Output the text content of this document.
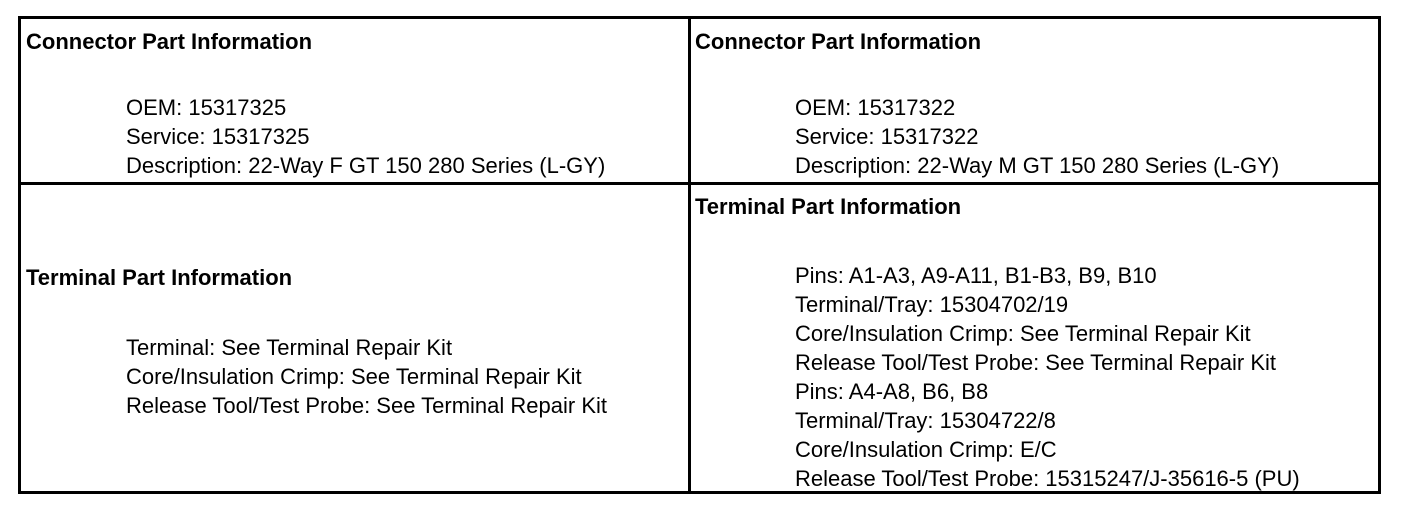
Connector Part Information
OEM: 15317325
Service: 15317325
Description: 22-Way F GT 150 280 Series (L-GY)
Connector Part Information
OEM: 15317322
Service: 15317322
Description: 22-Way M GT 150 280 Series (L-GY)
Terminal Part Information
Terminal: See Terminal Repair Kit
Core/Insulation Crimp: See Terminal Repair Kit
Release Tool/Test Probe: See Terminal Repair Kit
Terminal Part Information
Pins: A1-A3, A9-A11, B1-B3, B9, B10
Terminal/Tray: 15304702/19
Core/Insulation Crimp: See Terminal Repair Kit
Release Tool/Test Probe: See Terminal Repair Kit
Pins: A4-A8, B6, B8
Terminal/Tray: 15304722/8
Core/Insulation Crimp: E/C
Release Tool/Test Probe: 15315247/J-35616-5 (PU)
